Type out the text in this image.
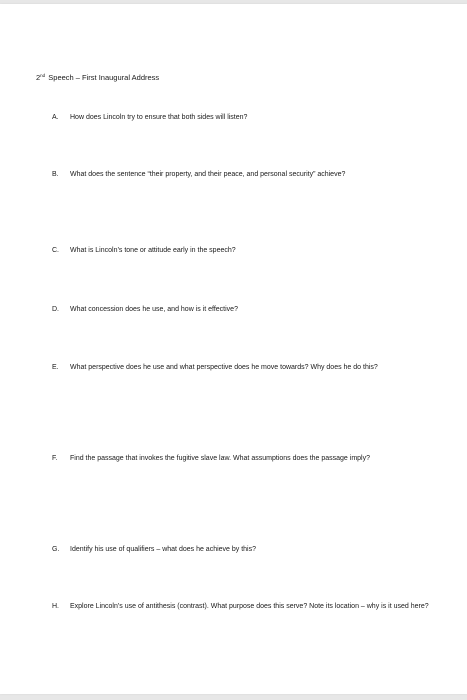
2nd Speech – First Inaugural Address
A. How does Lincoln try to ensure that both sides will listen?
B. What does the sentence “their property, and their peace, and personal security” achieve?
C. What is Lincoln’s tone or attitude early in the speech?
D. What concession does he use, and how is it effective?
E. What perspective does he use and what perspective does he move towards? Why does he do this?
F. Find the passage that invokes the fugitive slave law. What assumptions does the passage imply?
G. Identify his use of qualifiers – what does he achieve by this?
H. Explore Lincoln’s use of antithesis (contrast). What purpose does this serve? Note its location – why is it used here?
